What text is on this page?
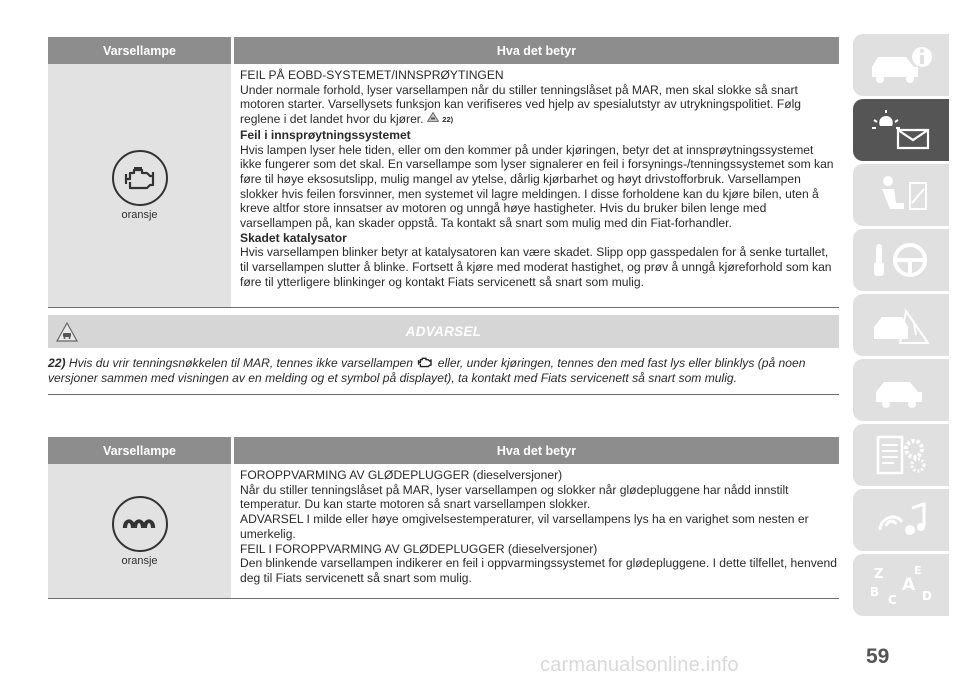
Varsellampe	Hva det betyr
oransje
FEIL PÅ EOBD-SYSTEMET/INNSPRØYTINGEN
Under normale forhold, lyser varsellampen når du stiller tenningslåset på MAR, men skal slokke så snart motoren starter. Varsellysets funksjon kan verifiseres ved hjelp av spesialutstyr av utrykningspolitiet. Følg reglene i det landet hvor du kjører.	22)
Feil i innsprøytningssystemet
Hvis lampen lyser hele tiden, eller om den kommer på under kjøringen, betyr det at innsprøytningssystemet ikke fungerer som det skal. En varsellampe som lyser signalerer en feil i forsynings-/tenningssystemet som kan føre til høye eksosutslipp, mulig mangel av ytelse, dårlig kjørbarhet og høyt drivstofforbruk. Varsellampen slokker hvis feilen forsvinner, men systemet vil lagre meldingen. I disse forholdene kan du kjøre bilen, uten å kreve altfor store innsatser av motoren og unngå høye hastigheter. Hvis du bruker bilen lenge med varsellampen på, kan skader oppstå. Ta kontakt så snart som mulig med din Fiat-forhandler.
Skadet katalysator
Hvis varsellampen blinker betyr at katalysatoren kan være skadet. Slipp opp gasspedalen for å senke turtallet, til varsellampen slutter å blinke. Fortsett å kjøre med moderat hastighet, og prøv å unngå kjøreforhold som kan føre til ytterligere blinkinger og kontakt Fiats servicenett så snart som mulig.
ADVARSEL
22) Hvis du vrir tenningsnøkkelen til MAR, tennes ikke varsellampen eller, under kjøringen, tennes den med fast lys eller blinklys (på noen versjoner sammen med visningen av en melding og et symbol på displayet), ta kontakt med Fiats servicenett så snart som mulig.
Varsellampe	Hva det betyr
oransje
FOROPPVARMING AV GLØDEPLUGGER (dieselversjoner)
Når du stiller tenningslåset på MAR, lyser varsellampen og slokker når glødepluggene har nådd innstilt temperatur. Du kan starte motoren så snart varsellampen slokker.
ADVARSEL I milde eller høye omgivelsestemperaturer, vil varsellampens lys ha en varighet som nesten er umerkelig.
FEIL I FOROPPVARMING AV GLØDEPLUGGER (dieselversjoner)
Den blinkende varsellampen indikerer en feil i oppvarmingssystemet for glødepluggene. I dette tilfellet, henvend deg til Fiats servicenett så snart som mulig.	Z	E
A
B
C D
59
carmanualsonline.info
